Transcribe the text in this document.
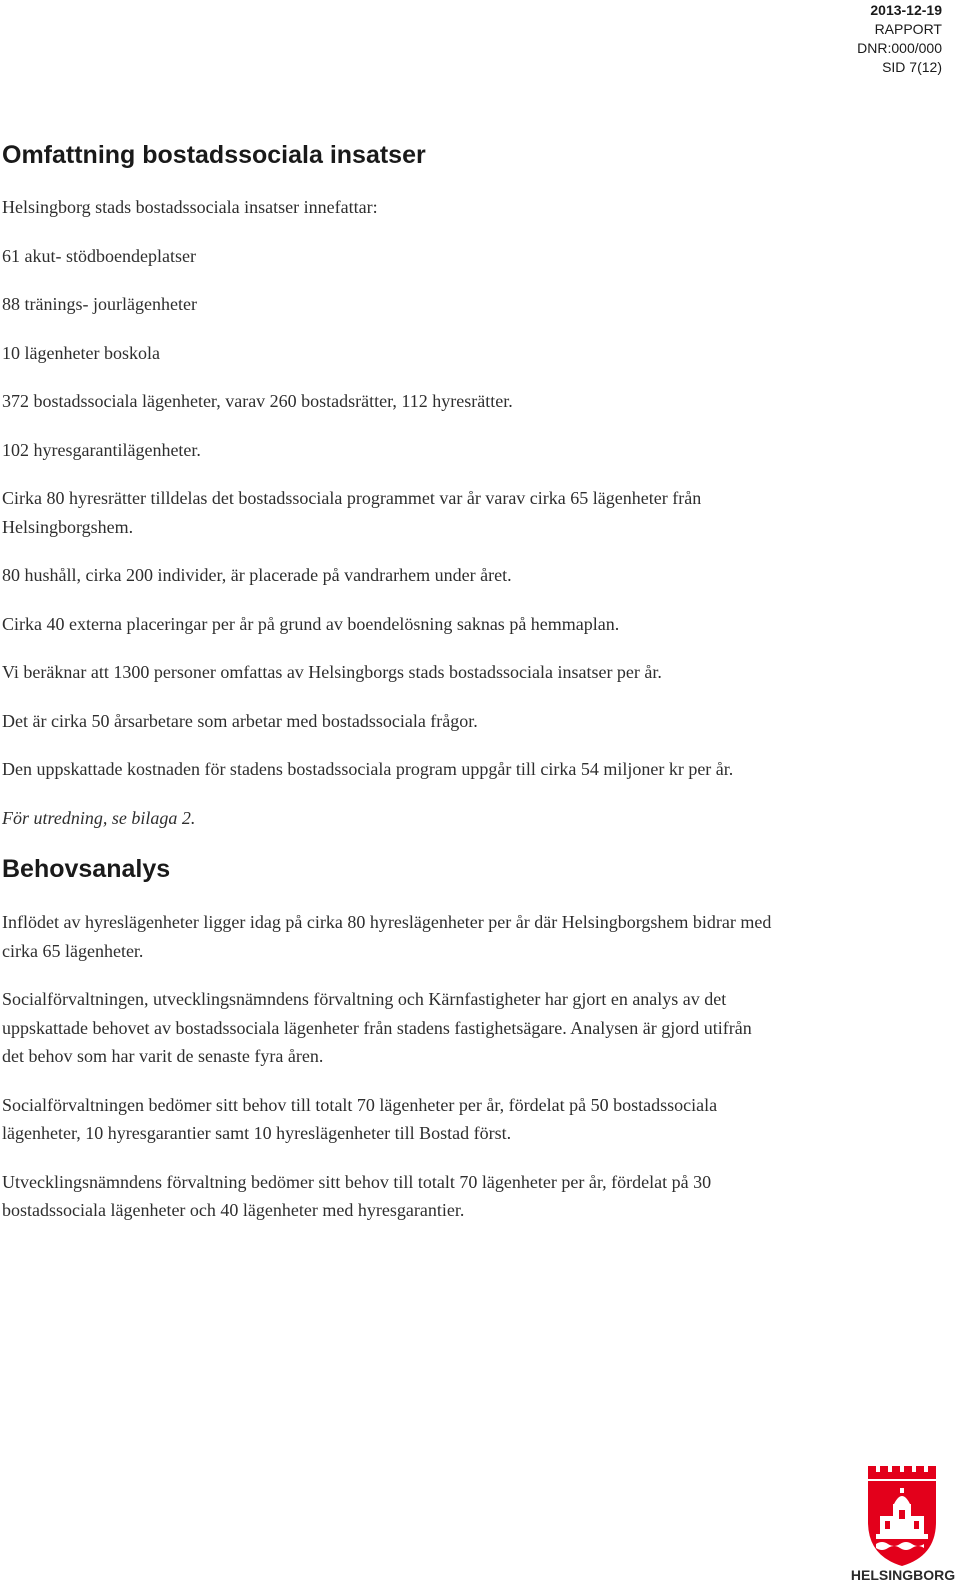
2013-12-19
RAPPORT
DNR:000/000
SID 7(12)
Omfattning bostadssociala insatser

Helsingborg stads bostadssociala insatser innefattar:

61 akut- stödboendeplatser

88 tränings- jourlägenheter

10 lägenheter boskola

372 bostadssociala lägenheter, varav 260 bostadsrätter, 112 hyresrätter.

102 hyresgarantilägenheter.

Cirka 80 hyresrätter tilldelas det bostadssociala programmet var år varav cirka 65 lägenheter från Helsingborgshem.

80 hushåll, cirka 200 individer, är placerade på vandrarhem under året.

Cirka 40 externa placeringar per år på grund av boendelösning saknas på hemmaplan.

Vi beräknar att 1300 personer omfattas av Helsingborgs stads bostadssociala insatser per år.

Det är cirka 50 årsarbetare som arbetar med bostadssociala frågor.

Den uppskattade kostnaden för stadens bostadssociala program uppgår till cirka 54 miljoner kr per år.

För utredning, se bilaga 2.

Behovsanalys

Inflödet av hyreslägenheter ligger idag på cirka 80 hyreslägenheter per år där Helsingborgshem bidrar med cirka 65 lägenheter.

Socialförvaltningen, utvecklingsnämndens förvaltning och Kärnfastigheter har gjort en analys av det uppskattade behovet av bostadssociala lägenheter från stadens fastighetsägare. Analysen är gjord utifrån det behov som har varit de senaste fyra åren.

Socialförvaltningen bedömer sitt behov till totalt 70 lägenheter per år, fördelat på 50 bostadssociala lägenheter, 10 hyresgarantier samt 10 hyreslägenheter till Bostad först.

Utvecklingsnämndens förvaltning bedömer sitt behov till totalt 70 lägenheter per år, fördelat på 30 bostadssociala lägenheter och 40 lägenheter med hyresgarantier.

HELSINGBORG
